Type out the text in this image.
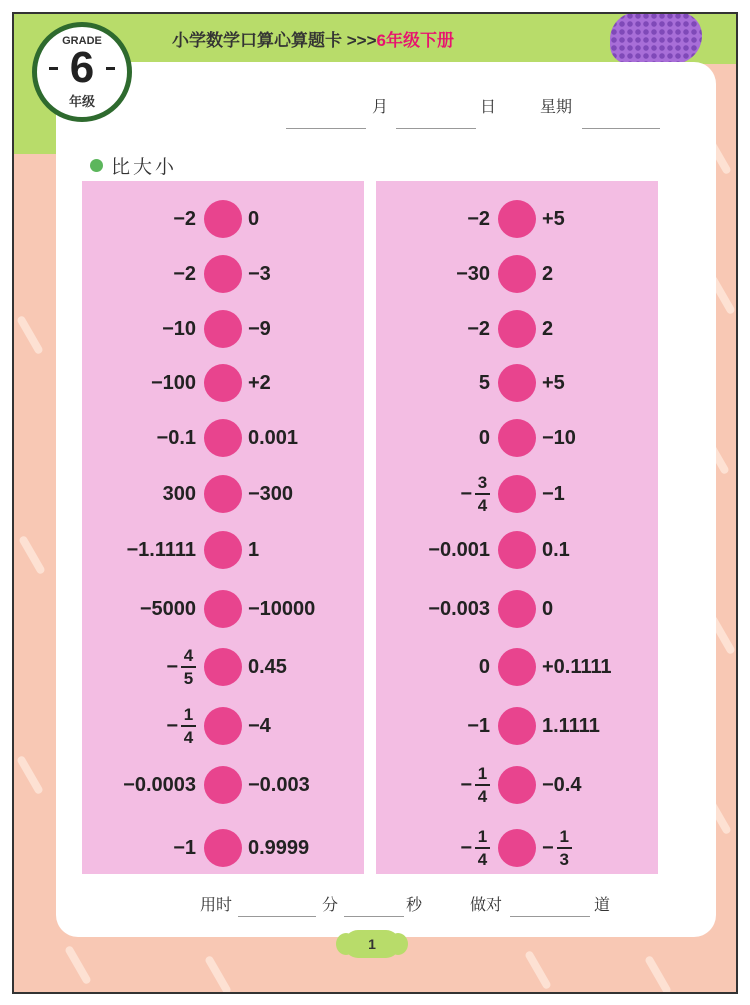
小学数学口算心算题卡 >>>6年级下册
GRADE
6
年级	月	日	星期
比大小
−2	0
−2	−3
−10	−9
−100	+2
−0.1	0.001
300	−300
−1.1111	1
−5000	−10000
− $\frac{4}{5}$	0.45
− $\frac{1}{4}$	−4
−0.0003	−0.003
−1	0.9999
−2	+5
−30	2
−2	2
5	+5
0	−10
− $\frac{3}{4}$	−1
−0.001	0.1
−0.003	0
0	+0.1111
−1	1.1111
− $\frac{1}{4}$	−0.4
− $\frac{1}{4}$	− $\frac{1}{3}$
用时	分	秒	做对	道
1
